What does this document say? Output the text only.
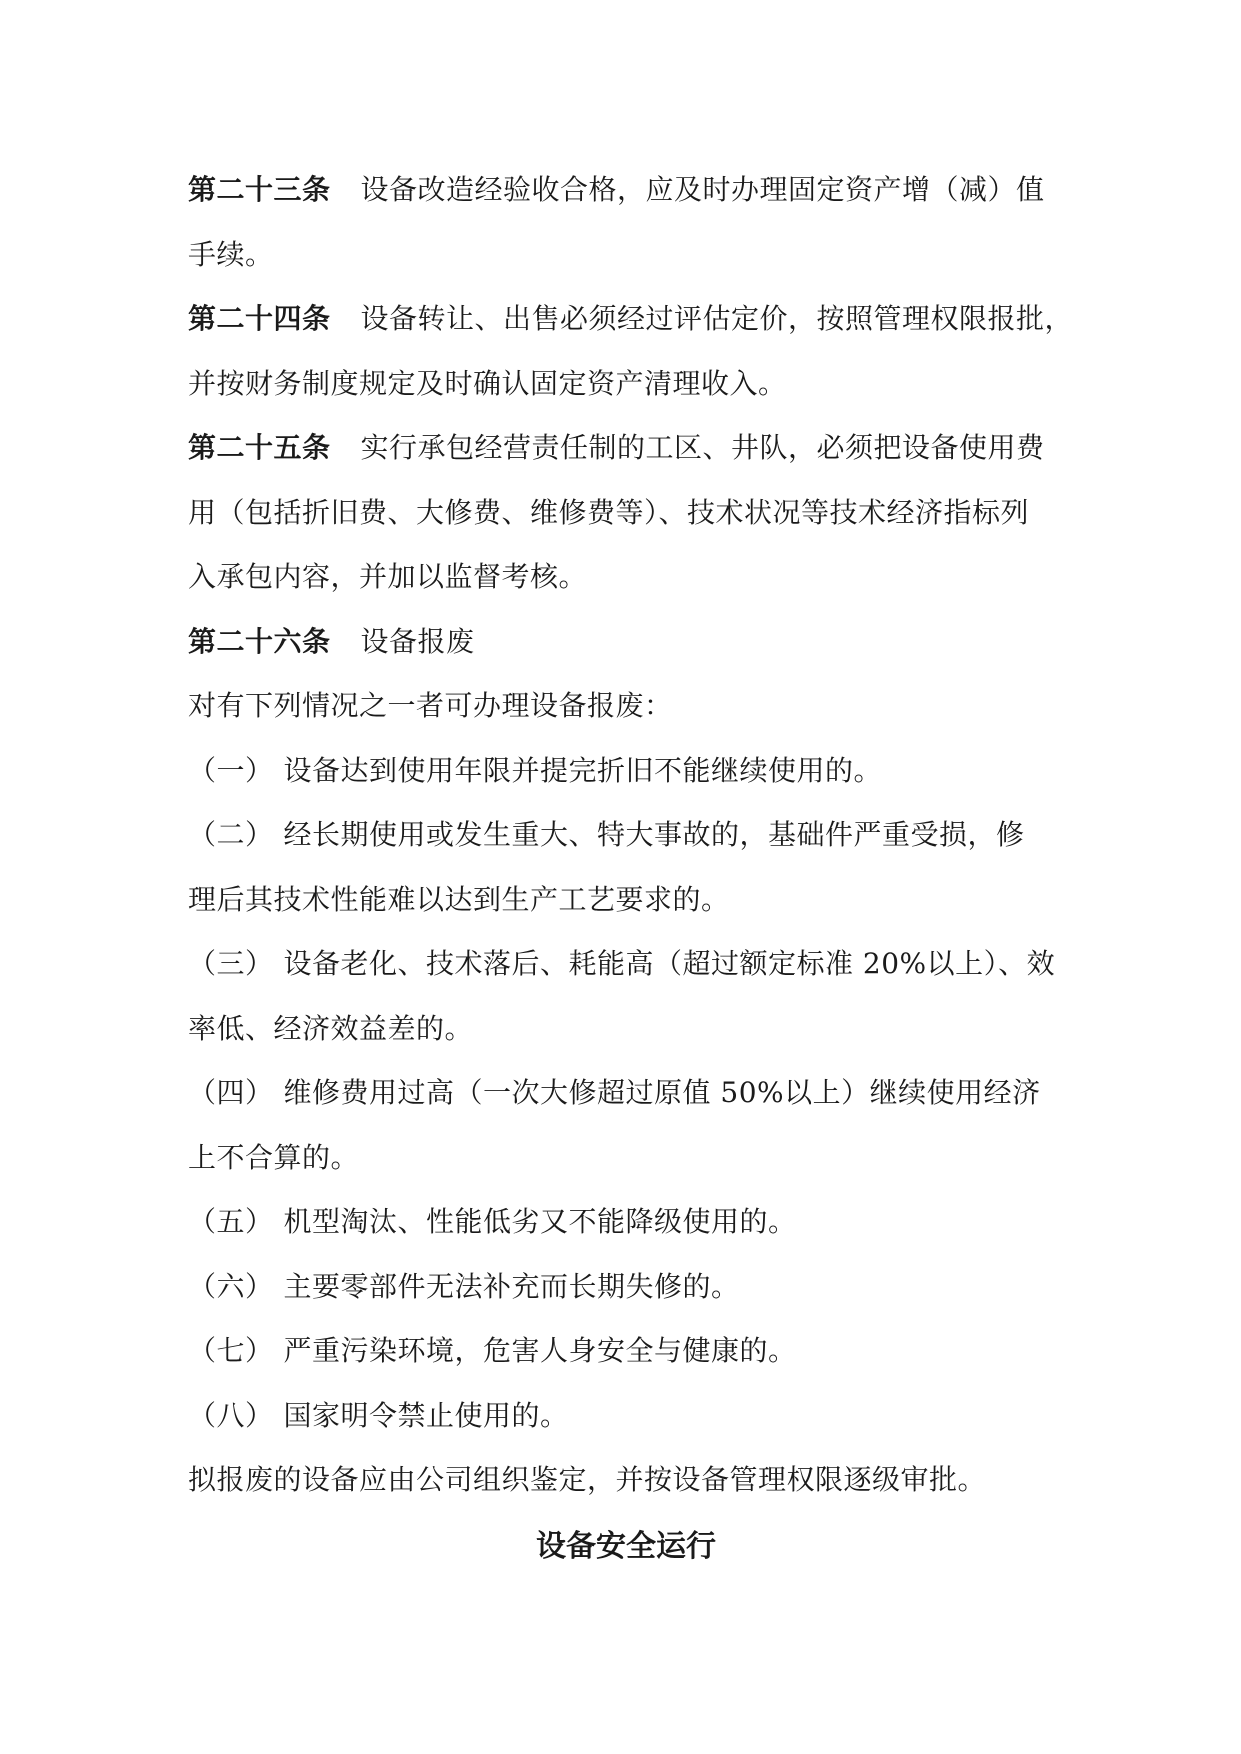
第二十三条 设备改造经验收合格，应及时办理固定资产增（减）值
手续。
第二十四条 设备转让、出售必须经过评估定价，按照管理权限报批，
并按财务制度规定及时确认固定资产清理收入。
第二十五条 实行承包经营责任制的工区、井队，必须把设备使用费
用（包括折旧费、大修费、维修费等）、技术状况等技术经济指标列
入承包内容，并加以监督考核。
第二十六条 设备报废
对有下列情况之一者可办理设备报废：
（一） 设备达到使用年限并提完折旧不能继续使用的。
（二） 经长期使用或发生重大、特大事故的，基础件严重受损，修
理后其技术性能难以达到生产工艺要求的。
（三） 设备老化、技术落后、耗能高（超过额定标准 20%以上）、效
率低、经济效益差的。
（四） 维修费用过高（一次大修超过原值 50%以上）继续使用经济
上不合算的。
（五） 机型淘汰、性能低劣又不能降级使用的。
（六） 主要零部件无法补充而长期失修的。
（七） 严重污染环境，危害人身安全与健康的。
（八） 国家明令禁止使用的。
拟报废的设备应由公司组织鉴定，并按设备管理权限逐级审批。
设备安全运行
